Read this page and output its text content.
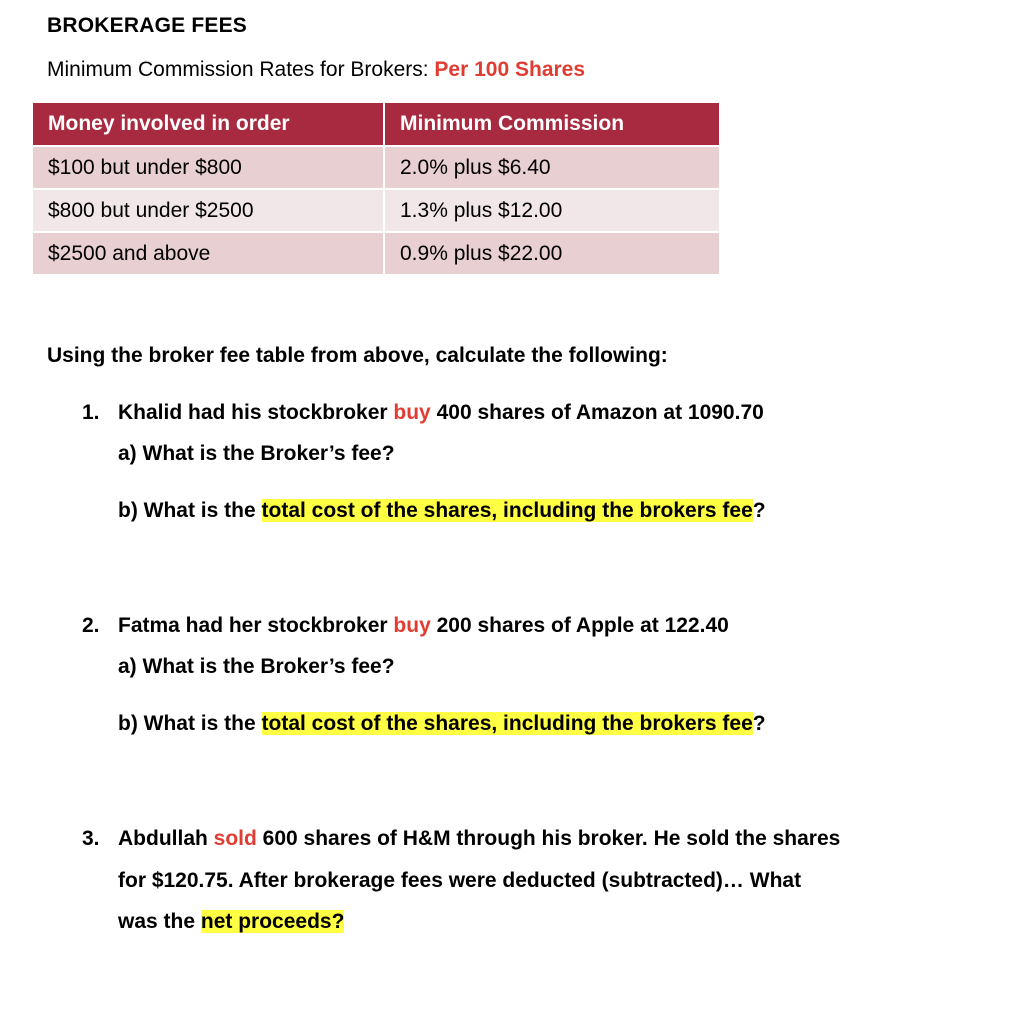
BROKERAGE FEES
Minimum Commission Rates for Brokers: Per 100 Shares
Money involved in order	Minimum Commission
$100 but under $800	2.0% plus $6.40
$800 but under $2500	1.3% plus $12.00
$2500 and above	0.9% plus $22.00
Using the broker fee table from above, calculate the following:
1. Khalid had his stockbroker buy 400 shares of Amazon at 1090.70
a) What is the Broker’s fee?
b) What is the total cost of the shares, including the brokers fee?
2. Fatma had her stockbroker buy 200 shares of Apple at 122.40
a) What is the Broker’s fee?
b) What is the total cost of the shares, including the brokers fee?
3. Abdullah sold 600 shares of H&M through his broker. He sold the shares
for $120.75. After brokerage fees were deducted (subtracted)… What
was the net proceeds?
